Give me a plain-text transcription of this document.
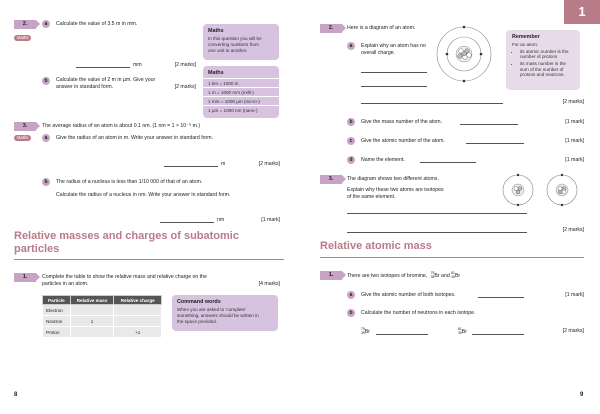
2.	a	Calculate the value of 3.5 m in mm.
Maths
Maths
In this question you will be
converting numbers from
one unit to another.
mm	[2 marks]
Maths
1 km = 1000 m
1 m = 1000 mm (milli-)
1 mm = 1000 µm (micro-)
1 µm = 1000 nm (nano-)
b	Calculate the value of 2 m in µm. Give your
answer in standard form.	[2 marks]
3.	The average radius of an atom is about 0.1 nm. (1 nm = 1 × 10⁻⁹ m.)
Maths	a	Give the radius of an atom in m. Write your answer in standard form.
m	[2 marks]
b	The radius of a nucleus is less than 1/10 000 of that of an atom.
Calculate the radius of a nucleus in nm. Write your answer in standard form.
nm	[1 mark]
Relative masses and charges of subatomic
particles
1.	Complete the table to show the relative mass and relative charge on the
particles in an atom.	[4 marks]
Particle	Relative mass	Relative charge
Electron		
Neutron	1	
Proton		+1
Command words
When you are asked to 'complete'
something, answers should be written in
the space provided.
8
1
2.	Here is a diagram of an atom.
a	Explain why an atom has no
overall charge.
[2 marks]
Remember
For an atom:
• its atomic number is the number of protons
• its mass number is the sum of the number of protons and neutrons.
b	Give the mass number of the atom.	[1 mark]
c	Give the atomic number of the atom.	[1 mark]
d	Name the element.	[1 mark]
3.	The diagram shows two different atoms.
Explain why these two atoms are isotopes
of the same element.
[2 marks]
Relative atomic mass
1.	There are two isotopes of bromine, 79
35 Br and 81
35 Br
a	Give the atomic number of both isotopes.	[1 mark]
b	Calculate the number of neutrons in each isotope.
79
35 Br	81
35 Br	[2 marks]
9
